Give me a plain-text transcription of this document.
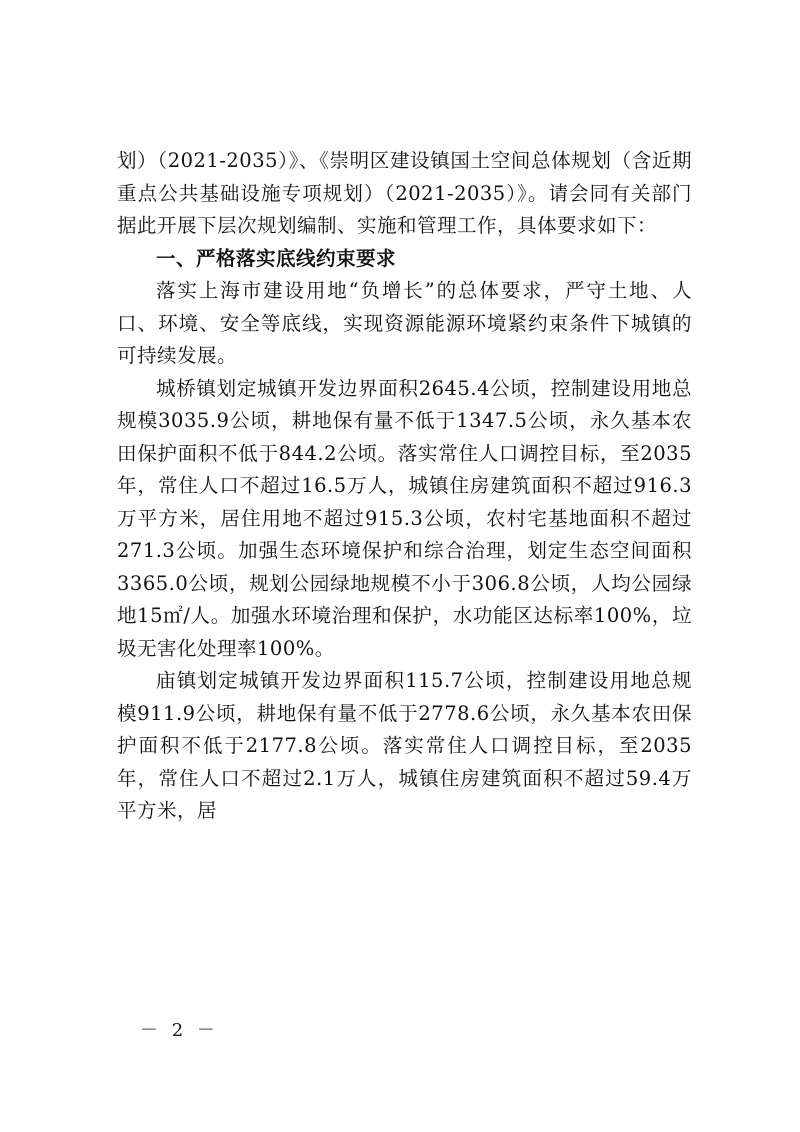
划）（2021-2035）》、《崇明区建设镇国土空间总体规划（含近期重点公共基础设施专项规划）（2021-2035）》。请会同有关部门据此开展下层次规划编制、实施和管理工作，具体要求如下：

一、严格落实底线约束要求

落实上海市建设用地“负增长”的总体要求，严守土地、人口、环境、安全等底线，实现资源能源环境紧约束条件下城镇的可持续发展。

城桥镇划定城镇开发边界面积2645.4公顷，控制建设用地总规模3035.9公顷，耕地保有量不低于1347.5公顷，永久基本农田保护面积不低于844.2公顷。落实常住人口调控目标，至2035年，常住人口不超过16.5万人，城镇住房建筑面积不超过916.3万平方米，居住用地不超过915.3公顷，农村宅基地面积不超过271.3公顷。加强生态环境保护和综合治理，划定生态空间面积3365.0公顷，规划公园绿地规模不小于306.8公顷，人均公园绿地15㎡/人。加强水环境治理和保护，水功能区达标率100%，垃圾无害化处理率100%。

庙镇划定城镇开发边界面积115.7公顷，控制建设用地总规模911.9公顷，耕地保有量不低于2778.6公顷，永久基本农田保护面积不低于2177.8公顷。落实常住人口调控目标，至2035年，常住人口不超过2.1万人，城镇住房建筑面积不超过59.4万平方米，居

－ 2 －
